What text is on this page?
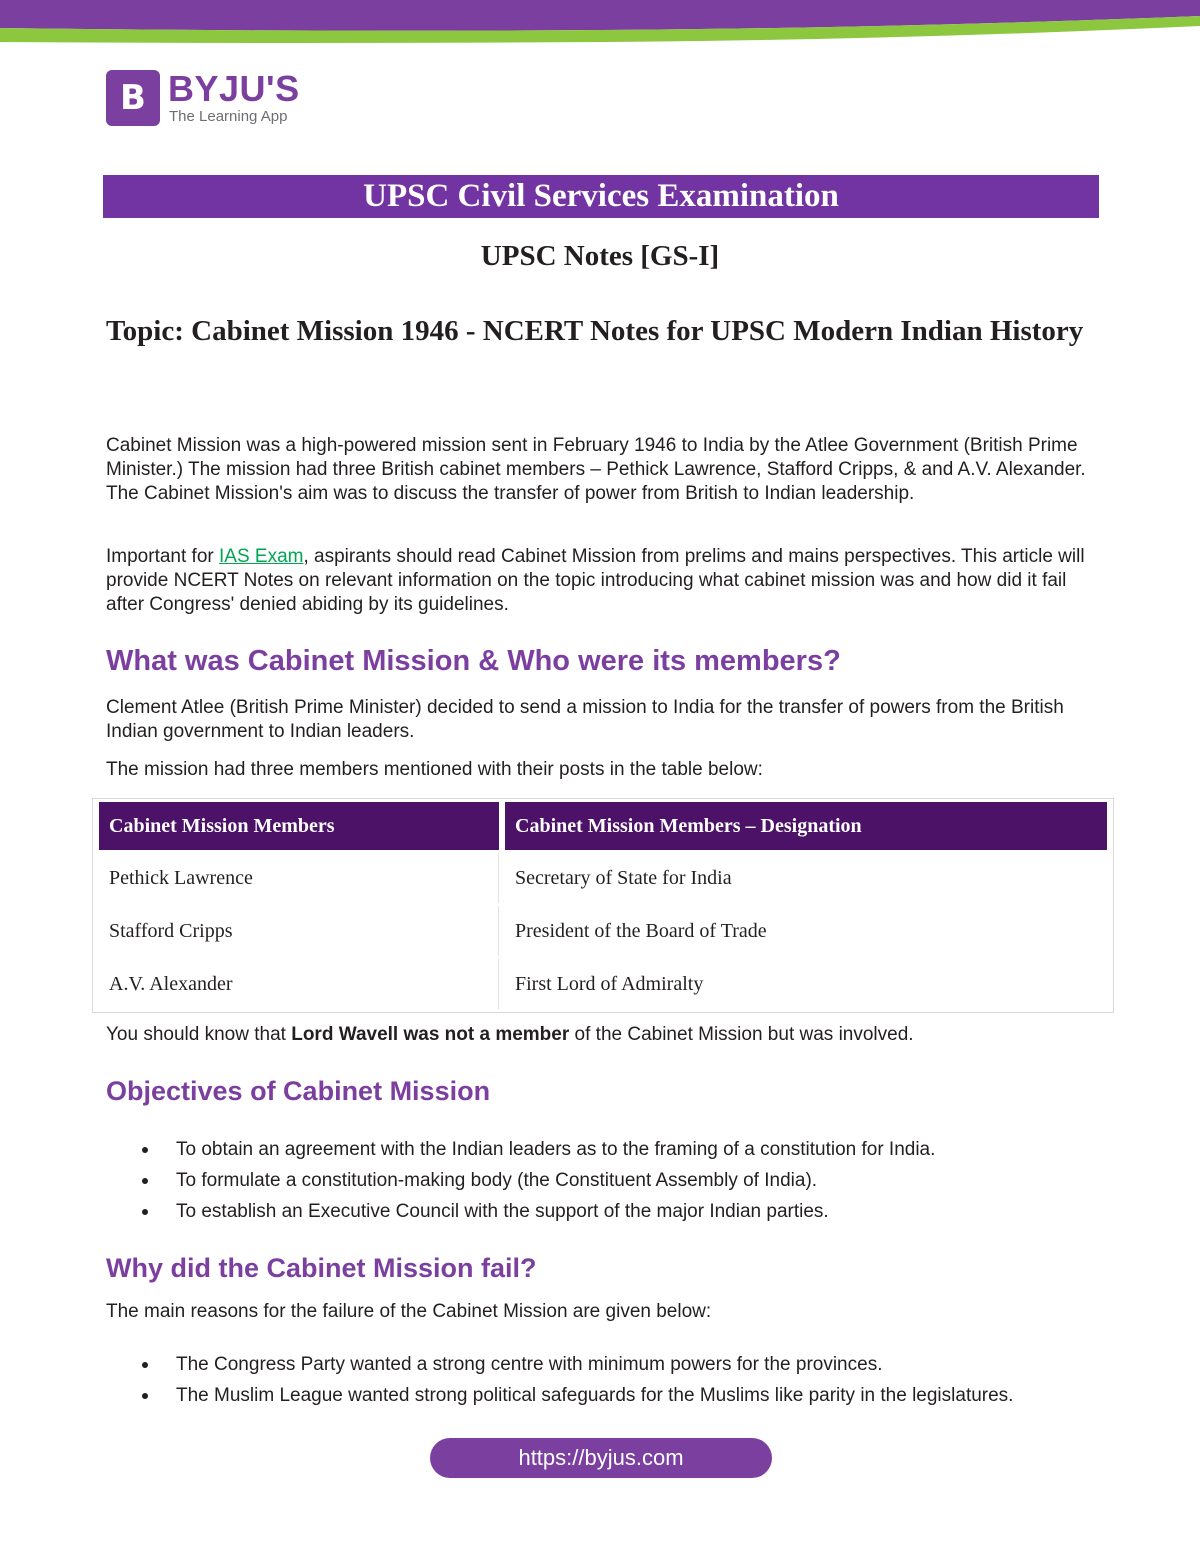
B BYJU'S
The Learning App
UPSC Civil Services Examination
UPSC Notes [GS-I]
Topic: Cabinet Mission 1946 - NCERT Notes for UPSC Modern Indian History
Cabinet Mission was a high-powered mission sent in February 1946 to India by the Atlee Government (British Prime Minister.) The mission had three British cabinet members – Pethick Lawrence, Stafford Cripps, & and A.V. Alexander. The Cabinet Mission's aim was to discuss the transfer of power from British to Indian leadership.
Important for IAS Exam, aspirants should read Cabinet Mission from prelims and mains perspectives. This article will provide NCERT Notes on relevant information on the topic introducing what cabinet mission was and how did it fail after Congress' denied abiding by its guidelines.
What was Cabinet Mission & Who were its members?
Clement Atlee (British Prime Minister) decided to send a mission to India for the transfer of powers from the British Indian government to Indian leaders.
The mission had three members mentioned with their posts in the table below:
Cabinet Mission Members	Cabinet Mission Members – Designation
Pethick Lawrence	Secretary of State for India
Stafford Cripps	President of the Board of Trade
A.V. Alexander	First Lord of Admiralty
You should know that Lord Wavell was not a member of the Cabinet Mission but was involved.
Objectives of Cabinet Mission
To obtain an agreement with the Indian leaders as to the framing of a constitution for India.
To formulate a constitution-making body (the Constituent Assembly of India).
To establish an Executive Council with the support of the major Indian parties.
Why did the Cabinet Mission fail?
The main reasons for the failure of the Cabinet Mission are given below:
The Congress Party wanted a strong centre with minimum powers for the provinces.
The Muslim League wanted strong political safeguards for the Muslims like parity in the legislatures.
https://byjus.com
